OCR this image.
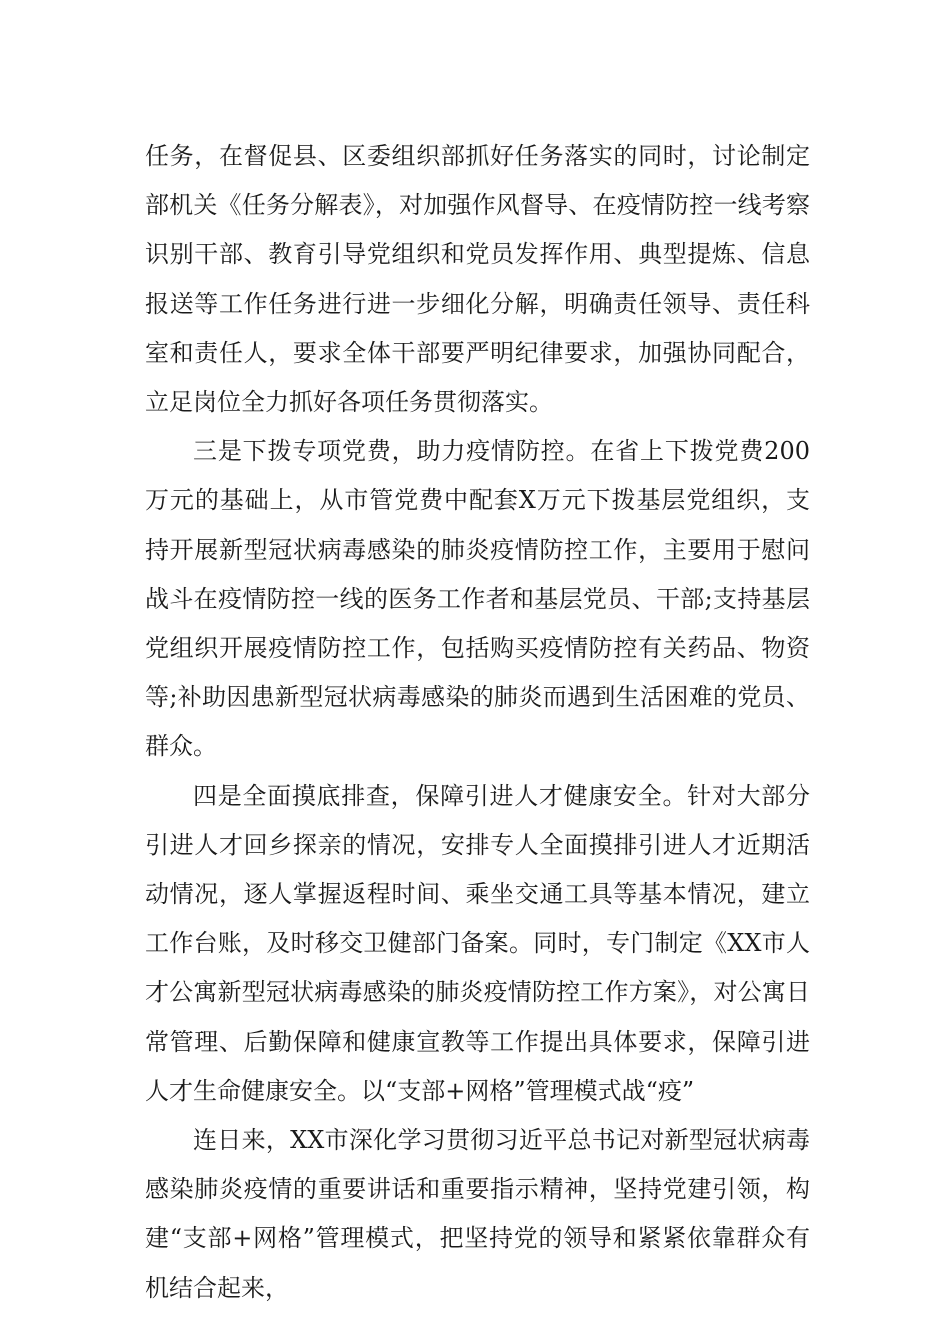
任务，在督促县、区委组织部抓好任务落实的同时，讨论制定部机关《任务分解表》，对加强作风督导、在疫情防控一线考察识别干部、教育引导党组织和党员发挥作用、典型提炼、信息报送等工作任务进行进一步细化分解，明确责任领导、责任科室和责任人，要求全体干部要严明纪律要求，加强协同配合，立足岗位全力抓好各项任务贯彻落实。

三是下拨专项党费，助力疫情防控。在省上下拨党费200万元的基础上，从市管党费中配套X万元下拨基层党组织，支持开展新型冠状病毒感染的肺炎疫情防控工作，主要用于慰问战斗在疫情防控一线的医务工作者和基层党员、干部;支持基层党组织开展疫情防控工作，包括购买疫情防控有关药品、物资等;补助因患新型冠状病毒感染的肺炎而遇到生活困难的党员、群众。

四是全面摸底排查，保障引进人才健康安全。针对大部分引进人才回乡探亲的情况，安排专人全面摸排引进人才近期活动情况，逐人掌握返程时间、乘坐交通工具等基本情况，建立工作台账，及时移交卫健部门备案。同时，专门制定《XX市人才公寓新型冠状病毒感染的肺炎疫情防控工作方案》，对公寓日常管理、后勤保障和健康宣教等工作提出具体要求，保障引进人才生命健康安全。以“支部+网格”管理模式战“疫”

连日来，XX市深化学习贯彻习近平总书记对新型冠状病毒感染肺炎疫情的重要讲话和重要指示精神，坚持党建引领，构建“支部+网格”管理模式，把坚持党的领导和紧紧依靠群众有机结合起来，
